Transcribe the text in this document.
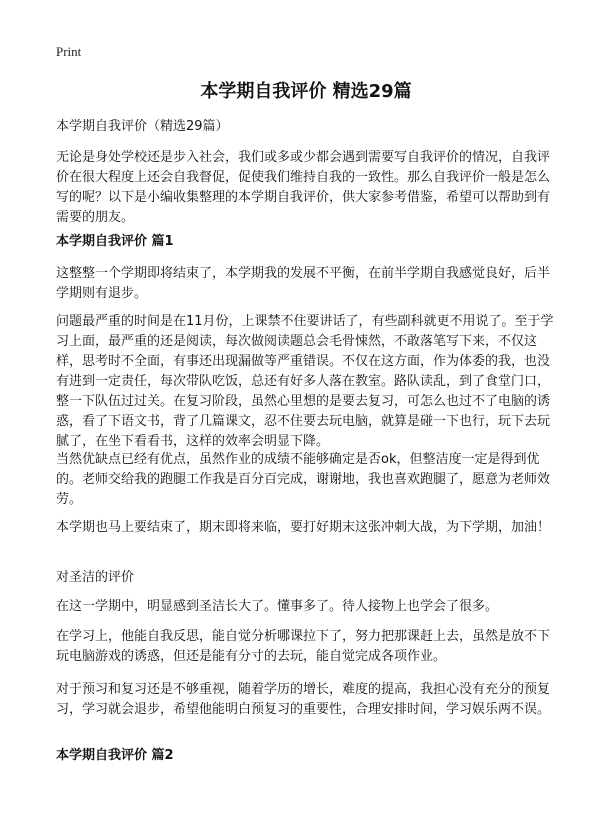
Print
本学期自我评价 精选29篇

本学期自我评价（精选29篇）

无论是身处学校还是步入社会，我们或多或少都会遇到需要写自我评价的情况，自我评价在很大程度上还会自我督促，促使我们维持自我的一致性。那么自我评价一般是怎么写的呢？以下是小编收集整理的本学期自我评价，供大家参考借鉴，希望可以帮助到有需要的朋友。

本学期自我评价 篇1

这整整一个学期即将结束了，本学期我的发展不平衡，在前半学期自我感觉良好，后半学期则有退步。

问题最严重的时间是在11月份，上课禁不住要讲话了，有些副科就更不用说了。至于学习上面，最严重的还是阅读，每次做阅读题总会毛骨悚然，不敢落笔写下来，不仅这样，思考时不全面，有事还出现漏做等严重错误。不仅在这方面，作为体委的我，也没有进到一定责任，每次带队吃饭，总还有好多人落在教室。路队读乱，到了食堂门口，整一下队伍过过关。在复习阶段，虽然心里想的是要去复习，可怎么也过不了电脑的诱惑，看了下语文书，背了几篇课文，忍不住要去玩电脑，就算是碰一下也行，玩下去玩腻了，在坐下看看书，这样的效率会明显下降。

当然优缺点已经有优点，虽然作业的成绩不能够确定是否ok，但整洁度一定是得到优的。老师交给我的跑腿工作我是百分百完成，谢谢地，我也喜欢跑腿了，愿意为老师效劳。

本学期也马上要结束了，期末即将来临，要打好期末这张冲刺大战，为下学期，加油！

对圣洁的评价

在这一学期中，明显感到圣洁长大了。懂事多了。待人接物上也学会了很多。

在学习上，他能自我反思，能自觉分析哪课拉下了，努力把那课赶上去，虽然是放不下玩电脑游戏的诱惑，但还是能有分寸的去玩，能自觉完成各项作业。

对于预习和复习还是不够重视，随着学历的增长，难度的提高，我担心没有充分的预复习，学习就会退步，希望他能明白预复习的重要性，合理安排时间，学习娱乐两不误。

本学期自我评价 篇2
